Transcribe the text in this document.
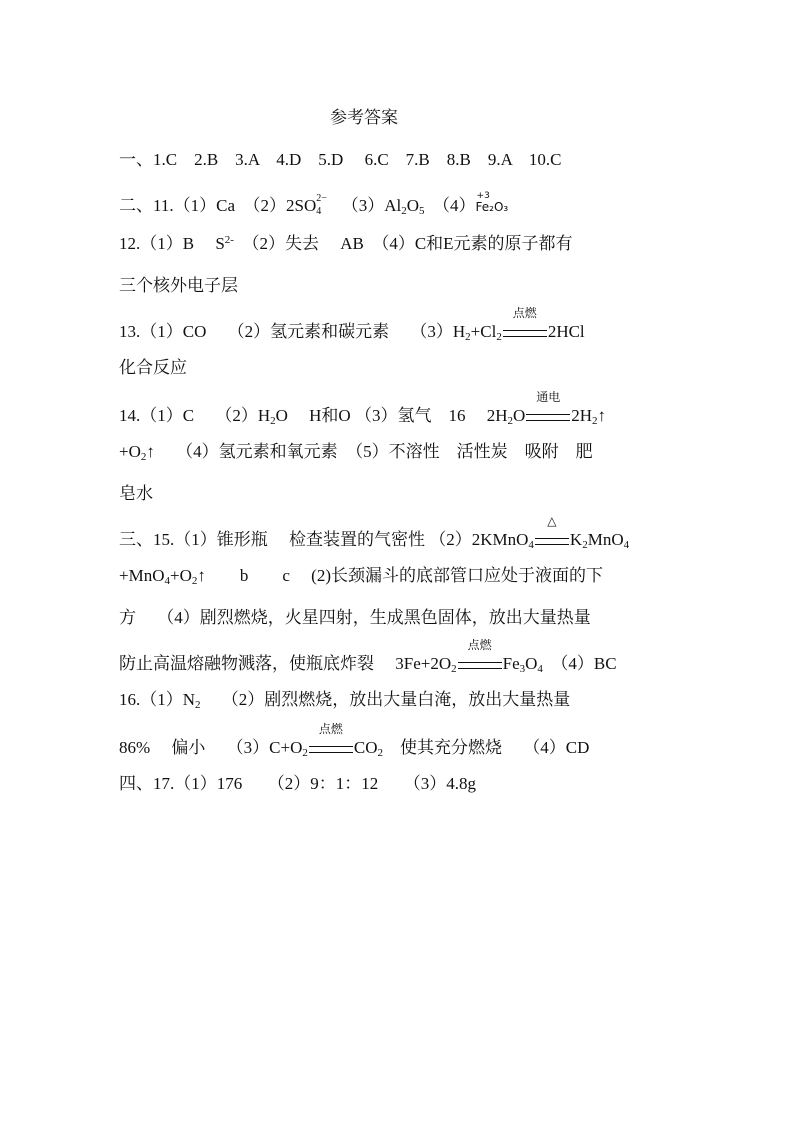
参考答案
一、1.C　2.B　3.A　4.D　5.D　 6.C　7.B　8.B　9.A　10.C
二、11.（1）Ca　（2）2SO 2−
4 $(3)Al_2O_5$ （4） +3
Fe₂O₃
12.（1）B　 $S^{2-}$　（2）失去　 AB　（4）C和E元素的原子都有
三个核外电子层
13.（1）CO　 （2）氢元素和碳元素　 $(3)H_2+Cl_2$
点燃
2HCl
化合反应
14.（1）C　 $(2)H_2O$　 H和O （3）氢气　16　 $2H_2O$
通电
$2H_2↑$
$+O_2↑$　 （4）氢元素和氧元素　（5）不溶性　活性炭　吸附　肥
皂水
三、15.（1）锥形瓶　 检查装置的气密性 （2）2KMnO$_4$
△
$K_2MnO_4$
$+MnO_4+O_2↑$　　b　　c　 (2)长颈漏斗的底部管口应处于液面的下
方　 （4）剧烈燃烧，火星四射，生成黑色固体，放出大量热量
防止高温熔融物溅落，使瓶底炸裂　 $3Fe+2O_2$
点燃
$Fe_3O_4$ （4）BC
$16.(1)N_2$　 （2）剧烈燃烧，放出大量白淹，放出大量热量
86%　 偏小　 $(3)C+O_2$
点燃
$CO_2$　使其充分燃烧　 （4）CD
四、17.（1）176　　（2）9：1：12　　（3）4.8g
